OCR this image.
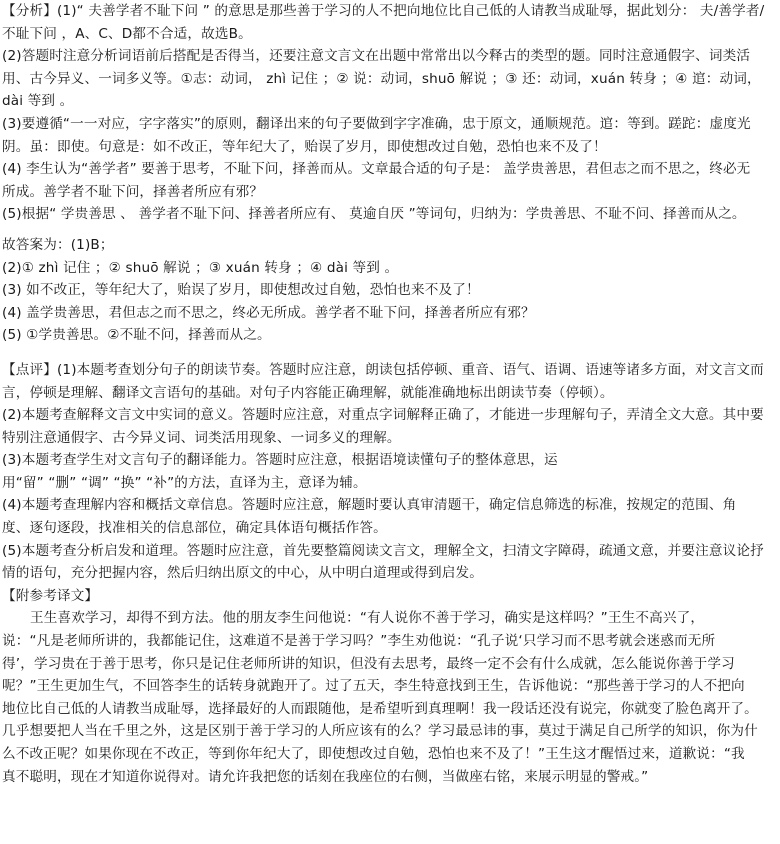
【分析】(1)“ 夫善学者不耻下问 ” 的意思是那些善于学习的人不把向地位比自己低的人请教当成耻辱，据此划分： 夫/善学者/
不耻下问 ，A、C、D都不合适，故选B。
(2)答题时注意分析词语前后搭配是否得当，还要注意文言文在出题中常常出以今释古的类型的题。同时注意通假字、词类活
用、古今异义、一词多义等。①志：动词， zhì 记住 ；② 说：动词，shuō 解说 ；③ 还：动词，xuán 转身 ；④ 逭：动词，
dài 等到 。
(3)要遵循“一一对应，字字落实”的原则，翻译出来的句子要做到字字准确，忠于原文，通顺规范。逭：等到。蹉跎：虚度光
阴。虽：即使。句意是：如不改正，等年纪大了，贻误了岁月，即使想改过自勉，恐怕也来不及了！
(4) 李生认为“善学者” 要善于思考，不耻下问，择善而从。文章最合适的句子是： 盖学贵善思，君但志之而不思之，终必无
所成。善学者不耻下问，择善者所应有邪？
(5)根据“ 学贵善思 、 善学者不耻下问、择善者所应有、 莫逾自厌 ”等词句，归纳为：学贵善思、不耻不问、择善而从之。
故答案为：(1)B；
(2)① zhì 记住 ；② shuō 解说 ；③ xuán 转身 ；④ dài 等到 。
(3) 如不改正，等年纪大了，贻误了岁月，即使想改过自勉，恐怕也来不及了！
(4) 盖学贵善思，君但志之而不思之，终必无所成。善学者不耻下问，择善者所应有邪？
(5) ①学贵善思。②不耻不问，择善而从之。
【点评】(1)本题考查划分句子的朗读节奏。答题时应注意，朗读包括停顿、重音、语气、语调、语速等诸多方面，对文言文而
言，停顿是理解、翻译文言语句的基础。对句子内容能正确理解，就能准确地标出朗读节奏（停顿）。
(2)本题考查解释文言文中实词的意义。答题时应注意，对重点字词解释正确了，才能进一步理解句子，弄清全文大意。其中要
特别注意通假字、古今异义词、词类活用现象、一词多义的理解。
(3)本题考查学生对文言句子的翻译能力。答题时应注意，根据语境读懂句子的整体意思，运
用“留” “删” “调” “换” “补”的方法，直译为主，意译为辅。
(4)本题考查理解内容和概括文章信息。答题时应注意，解题时要认真审清题干，确定信息筛选的标准，按规定的范围、角
度、逐句逐段，找准相关的信息部位，确定具体语句概括作答。
(5)本题考查分析启发和道理。答题时应注意，首先要整篇阅读文言文，理解全文，扫清文字障碍，疏通文意，并要注意议论抒
情的语句，充分把握内容，然后归纳出原文的中心，从中明白道理或得到启发。
【附参考译文】
王生喜欢学习，却得不到方法。他的朋友李生问他说：“有人说你不善于学习，确实是这样吗？”王生不高兴了，
说：“凡是老师所讲的，我都能记住，这难道不是善于学习吗？”李生劝他说：“孔子说‘只学习而不思考就会迷惑而无所
得’，学习贵在于善于思考，你只是记住老师所讲的知识，但没有去思考，最终一定不会有什么成就，怎么能说你善于学习
呢？”王生更加生气，不回答李生的话转身就跑开了。过了五天，李生特意找到王生，告诉他说：“那些善于学习的人不把向
地位比自己低的人请教当成耻辱，选择最好的人而跟随他，是希望听到真理啊！我一段话还没有说完，你就变了脸色离开了。
几乎想要把人当在千里之外，这是区别于善于学习的人所应该有的么？学习最忌讳的事，莫过于满足自己所学的知识，你为什
么不改正呢？如果你现在不改正，等到你年纪大了，即使想改过自勉，恐怕也来不及了！”王生这才醒悟过来，道歉说：“我
真不聪明，现在才知道你说得对。请允许我把您的话刻在我座位的右侧，当做座右铭，来展示明显的警戒。”
